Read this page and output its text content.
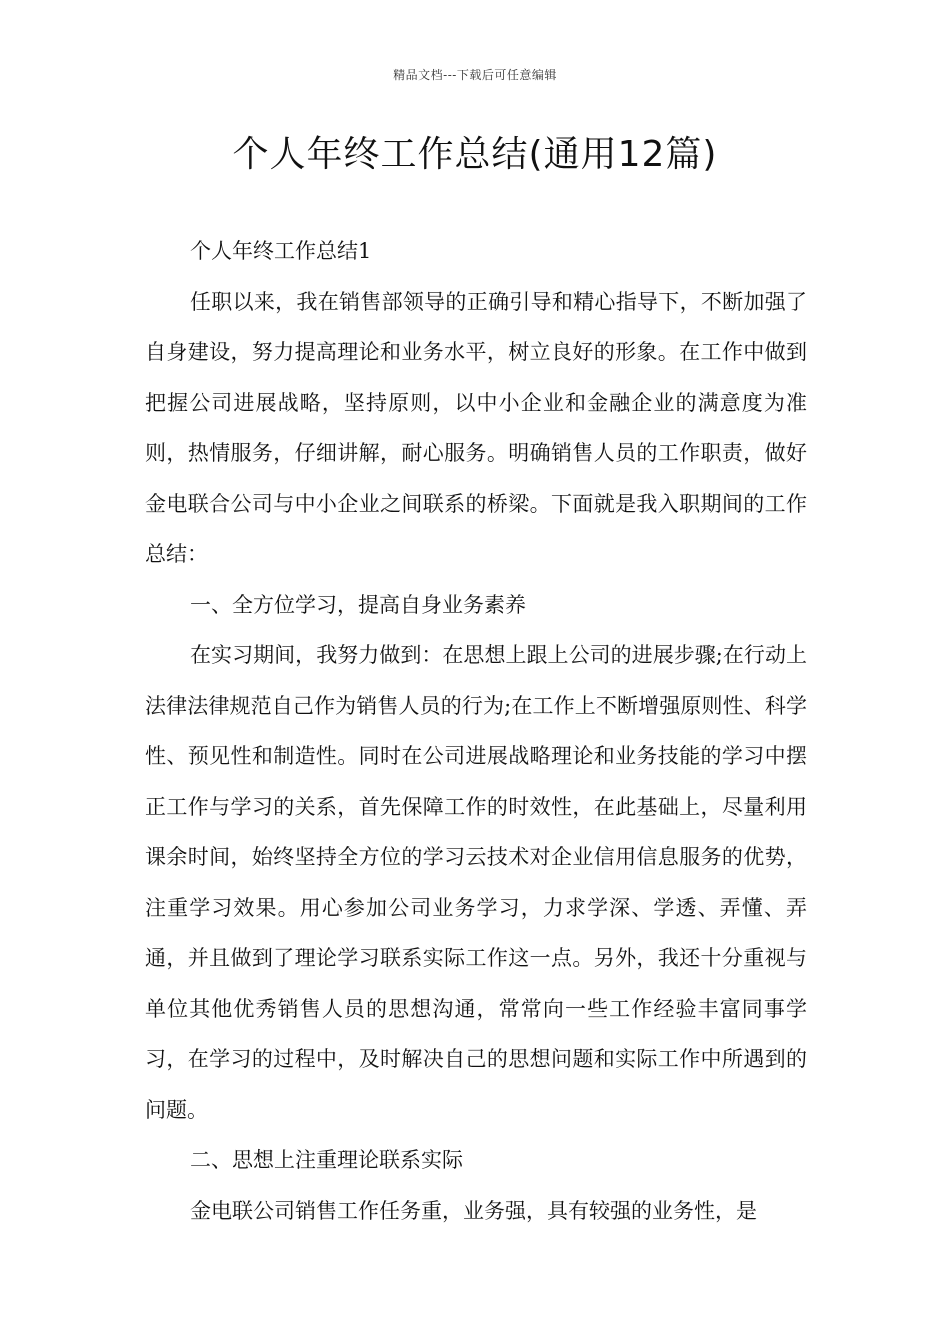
精品文档---下载后可任意编辑
个人年终工作总结(通用12篇)

个人年终工作总结1

任职以来，我在销售部领导的正确引导和精心指导下，不断加强了自身建设，努力提高理论和业务水平，树立良好的形象。在工作中做到把握公司进展战略，坚持原则，以中小企业和金融企业的满意度为准则，热情服务，仔细讲解，耐心服务。明确销售人员的工作职责，做好金电联合公司与中小企业之间联系的桥梁。下面就是我入职期间的工作总结：

一、全方位学习，提高自身业务素养

在实习期间，我努力做到：在思想上跟上公司的进展步骤;在行动上法律法律规范自己作为销售人员的行为;在工作上不断增强原则性、科学性、预见性和制造性。同时在公司进展战略理论和业务技能的学习中摆正工作与学习的关系，首先保障工作的时效性，在此基础上，尽量利用课余时间，始终坚持全方位的学习云技术对企业信用信息服务的优势，注重学习效果。用心参加公司业务学习，力求学深、学透、弄懂、弄通，并且做到了理论学习联系实际工作这一点。另外，我还十分重视与单位其他优秀销售人员的思想沟通，常常向一些工作经验丰富同事学习，在学习的过程中，及时解决自己的思想问题和实际工作中所遇到的问题。

二、思想上注重理论联系实际

金电联公司销售工作任务重，业务强，具有较强的业务性，是
